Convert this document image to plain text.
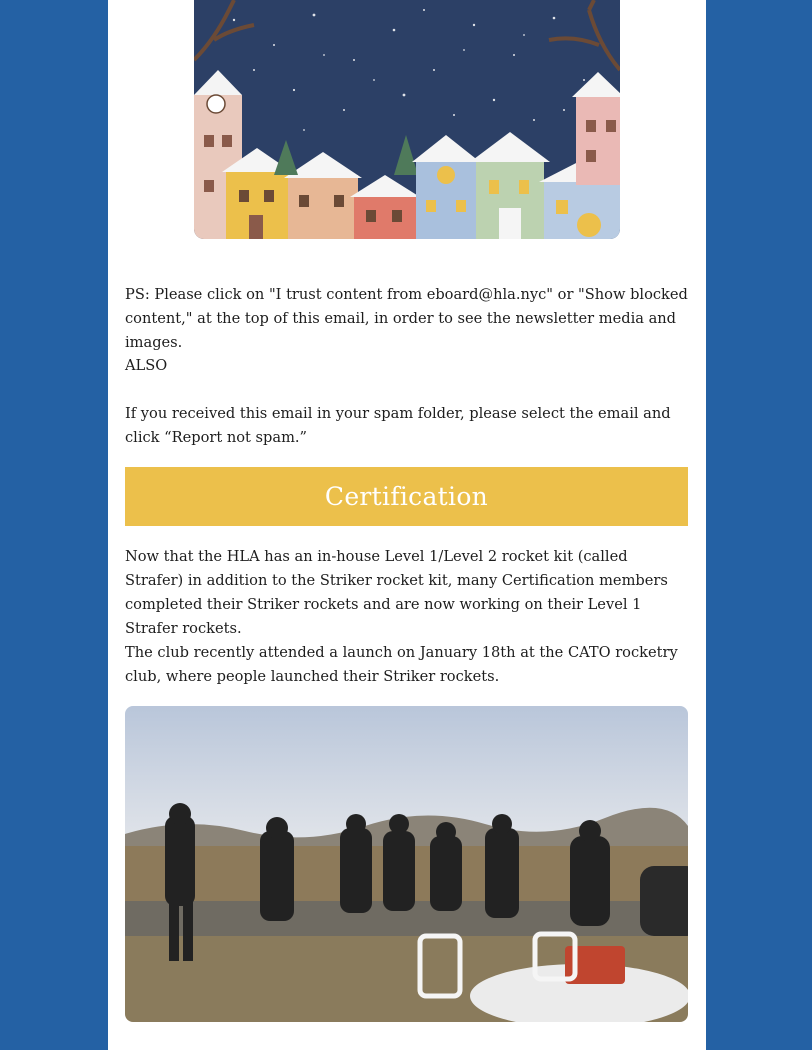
PS: Please click on "I trust content from eboard@hla.nyc" or "Show blocked content," at the top of this email, in order to see the newsletter media and images.

ALSO

If you received this email in your spam folder, please select the email and click “Report not spam.”

Certification

Now that the HLA has an in-house Level 1/Level 2 rocket kit (called Strafer) in addition to the Striker rocket kit, many Certification members completed their Striker rockets and are now working on their Level 1 Strafer rockets.

The club recently attended a launch on January 18th at the CATO rocketry club, where people launched their Striker rockets.
